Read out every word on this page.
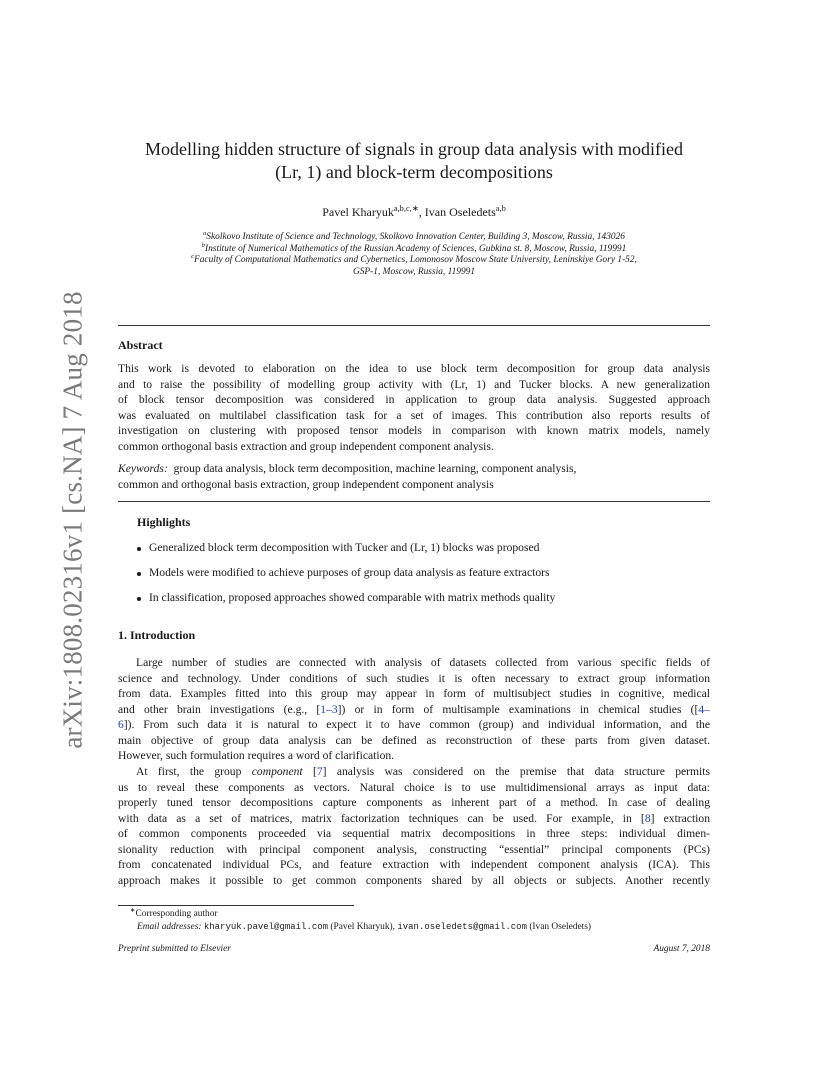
arXiv:1808.02316v1 [cs.NA] 7 Aug 2018
Modelling hidden structure of signals in group data analysis with modified
(Lr, 1) and block-term decompositions
Pavel Kharyuk$^{a,b,c,∗}$, Ivan Oseledets$^{a,b}$
$^a$Skolkovo Institute of Science and Technology, Skolkovo Innovation Center, Building 3, Moscow, Russia, 143026
$^b$Institute of Numerical Mathematics of the Russian Academy of Sciences, Gubkina st. 8, Moscow, Russia, 119991
$^c$Faculty of Computational Mathematics and Cybernetics, Lomonosov Moscow State University, Leninskiye Gory 1-52,
GSP-1, Moscow, Russia, 119991
Abstract
This work is devoted to elaboration on the idea to use block term decomposition for group data analysis
and to raise the possibility of modelling group activity with (Lr, 1) and Tucker blocks. A new generalization
of block tensor decomposition was considered in application to group data analysis. Suggested approach
was evaluated on multilabel classification task for a set of images. This contribution also reports results of
investigation on clustering with proposed tensor models in comparison with known matrix models, namely
common orthogonal basis extraction and group independent component analysis.
Keywords: group data analysis, block term decomposition, machine learning, component analysis,
common and orthogonal basis extraction, group independent component analysis
Highlights
Generalized block term decomposition with Tucker and (Lr, 1) blocks was proposed
Models were modified to achieve purposes of group data analysis as feature extractors
In classification, proposed approaches showed comparable with matrix methods quality
1. Introduction
Large number of studies are connected with analysis of datasets collected from various specific fields of
science and technology. Under conditions of such studies it is often necessary to extract group information
from data. Examples fitted into this group may appear in form of multisubject studies in cognitive, medical
and other brain investigations (e.g., [1–3]) or in form of multisample examinations in chemical studies ([4–
6]). From such data it is natural to expect it to have common (group) and individual information, and the
main objective of group data analysis can be defined as reconstruction of these parts from given dataset.
However, such formulation requires a word of clarification.
At first, the group component [7] analysis was considered on the premise that data structure permits
us to reveal these components as vectors. Natural choice is to use multidimensional arrays as input data:
properly tuned tensor decompositions capture components as inherent part of a method. In case of dealing
with data as a set of matrices, matrix factorization techniques can be used. For example, in [8] extraction
of common components proceeded via sequential matrix decompositions in three steps: individual dimen-
sionality reduction with principal component analysis, constructing “essential” principal components (PCs)
from concatenated individual PCs, and feature extraction with independent component analysis (ICA). This
approach makes it possible to get common components shared by all objects or subjects. Another recently
∗Corresponding author
Email addresses: kharyuk.pavel@gmail.com (Pavel Kharyuk), ivan.oseledets@gmail.com (Ivan Oseledets)
Preprint submitted to Elsevier	August 7, 2018
